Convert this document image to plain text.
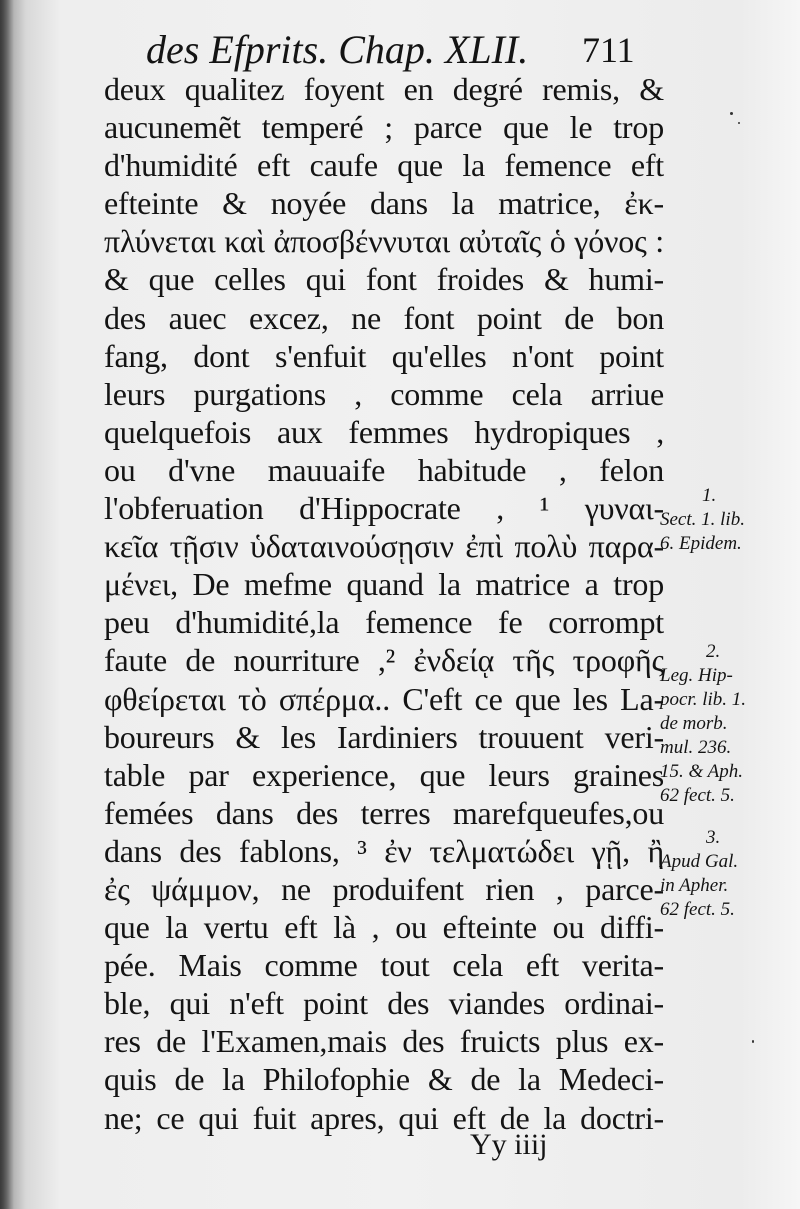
des Efprits. Chap. XLII. 711
deux qualitez foyent en degré remis, &
aucunemẽt temperé ; parce que le trop
d'humidité eft caufe que la femence eft
efteinte & noyée dans la matrice, ἐκ-
πλύνεται καὶ ἀποσβέννυται αὐταῖς ὁ γόνος :
& que celles qui font froides & humi-
des auec excez, ne font point de bon
fang, dont s'enfuit qu'elles n'ont point
leurs purgations , comme cela arriue
quelquefois aux femmes hydropiques ,
ou d'vne mauuaife habitude , felon
l'obferuation d'Hippocrate , ¹ γυναι-
κεῖα τῇσιν ὑδαταινούσῃσιν ἐπὶ πολὺ παρα-
μένει, De mefme quand la matrice a trop
peu d'humidité,la femence fe corrompt
faute de nourriture ,² ἐνδείᾳ τῆς τροφῆς
φθείρεται τὸ σπέρμα.. C'eft ce que les La-
boureurs & les Iardiniers trouuent veri-
table par experience, que leurs graines
femées dans des terres marefqueufes,ou
dans des fablons, ³ ἐν τελματώδει γῇ, ἢ
ἐς ψάμμον, ne produifent rien , parce-
que la vertu eft là , ou efteinte ou diffi-
pée. Mais comme tout cela eft verita-
ble, qui n'eft point des viandes ordinai-
res de l'Examen,mais des fruicts plus ex-
quis de la Philofophie & de la Medeci-
ne; ce qui fuit apres, qui eft de la doctri-
1.
Sect. 1. lib.
6. Epidem.
2.
Leg. Hip-
pocr. lib. 1.
de morb.
mul. 236.
15. & Aph.
62 fect. 5.
3.
Apud Gal.
in Apher.
62 fect. 5.
Yy iiij
